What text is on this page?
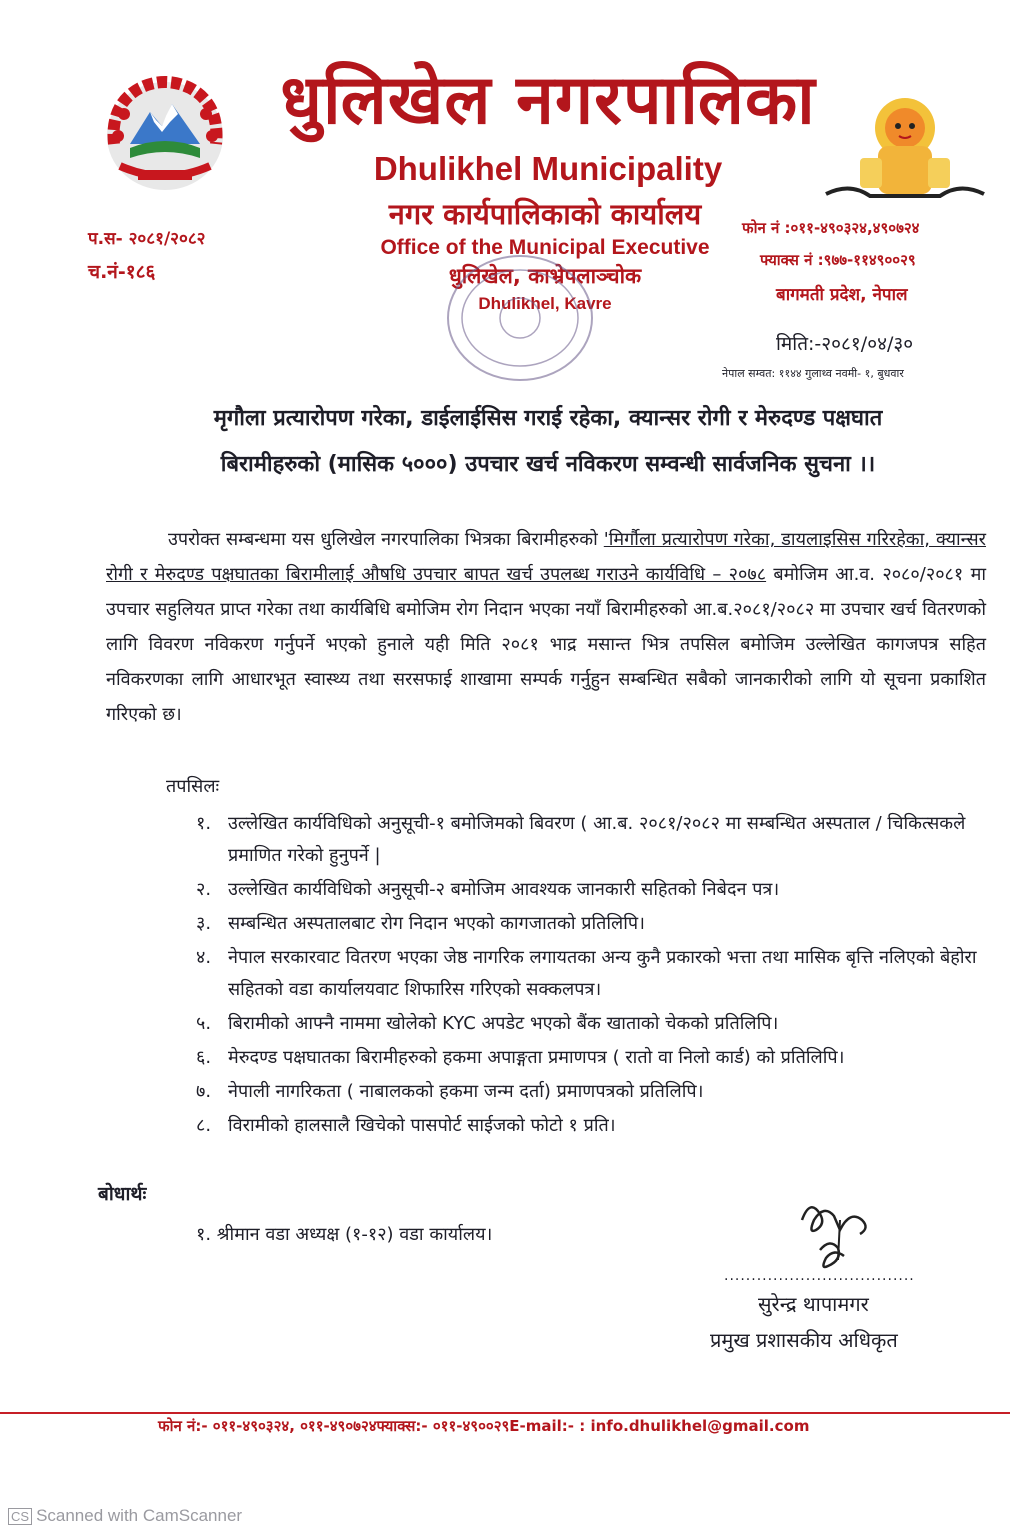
धुलिखेल नगरपालिका
Dhulikhel Municipality
नगर कार्यपालिकाको कार्यालय
Office of the Municipal Executive
धुलिखेल, काभ्रेपलाञ्चोक
Dhulikhel, Kavre
प.स- २०८१/२०८२
च.नं-१८६
फोन नं :०११-४९०३२४,४९०७२४
फ्याक्स नं :९७७-११४९००२९
बागमती प्रदेश, नेपाल
मिति:-२०८१/०४/३०
नेपाल सम्वत: ११४४ गुलाथ्व नवमी- १, बुधवार
मृगौला प्रत्यारोपण गरेका, डाईलाईसिस गराई रहेका, क्यान्सर रोगी र मेरुदण्ड पक्षघात
बिरामीहरुको (मासिक ५०००) उपचार खर्च नविकरण सम्वन्धी सार्वजनिक सुचना ।।
उपरोक्त सम्बन्धमा यस धुलिखेल नगरपालिका भित्रका बिरामीहरुको 'मिर्गौला प्रत्यारोपण गरेका, डायलाइसिस गरिरहेका, क्यान्सर रोगी र मेरुदण्ड पक्षघातका बिरामीलाई औषधि उपचार बापत खर्च उपलब्ध गराउने कार्यविधि – २०७८ बमोजिम आ.व. २०८०/२०८१ मा उपचार सहुलियत प्राप्त गरेका तथा कार्यबिधि बमोजिम रोग निदान भएका नयाँ बिरामीहरुको आ.ब.२०८१/२०८२ मा उपचार खर्च वितरणको लागि विवरण नविकरण गर्नुपर्ने भएको हुनाले यही मिति २०८१ भाद्र मसान्त भित्र तपसिल बमोजिम उल्लेखित कागजपत्र सहित नविकरणका लागि आधारभूत स्वास्थ्य तथा सरसफाई शाखामा सम्पर्क गर्नुहुन सम्बन्धित सबैको जानकारीको लागि यो सूचना प्रकाशित गरिएको छ।
तपसिलः
१. उल्लेखित कार्यविधिको अनुसूची-१ बमोजिमको बिवरण ( आ.ब. २०८१/२०८२ मा सम्बन्धित अस्पताल / चिकित्सकले प्रमाणित गरेको हुनुपर्ने |
२. उल्लेखित कार्यविधिको अनुसूची-२ बमोजिम आवश्यक जानकारी सहितको निबेदन पत्र।
३. सम्बन्धित अस्पतालबाट रोग निदान भएको कागजातको प्रतिलिपि।
४. नेपाल सरकारवाट वितरण भएका जेष्ठ नागरिक लगायतका अन्य कुनै प्रकारको भत्ता तथा मासिक बृत्ति नलिएको बेहोरा सहितको वडा कार्यालयवाट शिफारिस गरिएको सक्कलपत्र।
५. बिरामीको आफ्नै नाममा खोलेको KYC अपडेट भएको बैंक खाताको चेकको प्रतिलिपि।
६. मेरुदण्ड पक्षघातका बिरामीहरुको हकमा अपाङ्गता प्रमाणपत्र ( रातो वा निलो कार्ड) को प्रतिलिपि।
७. नेपाली नागरिकता ( नाबालकको हकमा जन्म दर्ता) प्रमाणपत्रको प्रतिलिपि।
८. विरामीको हालसालै खिचेको पासपोर्ट साईजको फोटो १ प्रति।
बोधार्थः
१. श्रीमान वडा अध्यक्ष (१-१२) वडा कार्यालय।
...................................
सुरेन्द्र थापामगर
प्रमुख प्रशासकीय अधिकृत
फोन नं:- ०११-४९०३२४, ०११-४९०७२४फ्याक्स:- ०११-४९००२९E-mail:- : info.dhulikhel@gmail.com
CS Scanned with CamScanner
